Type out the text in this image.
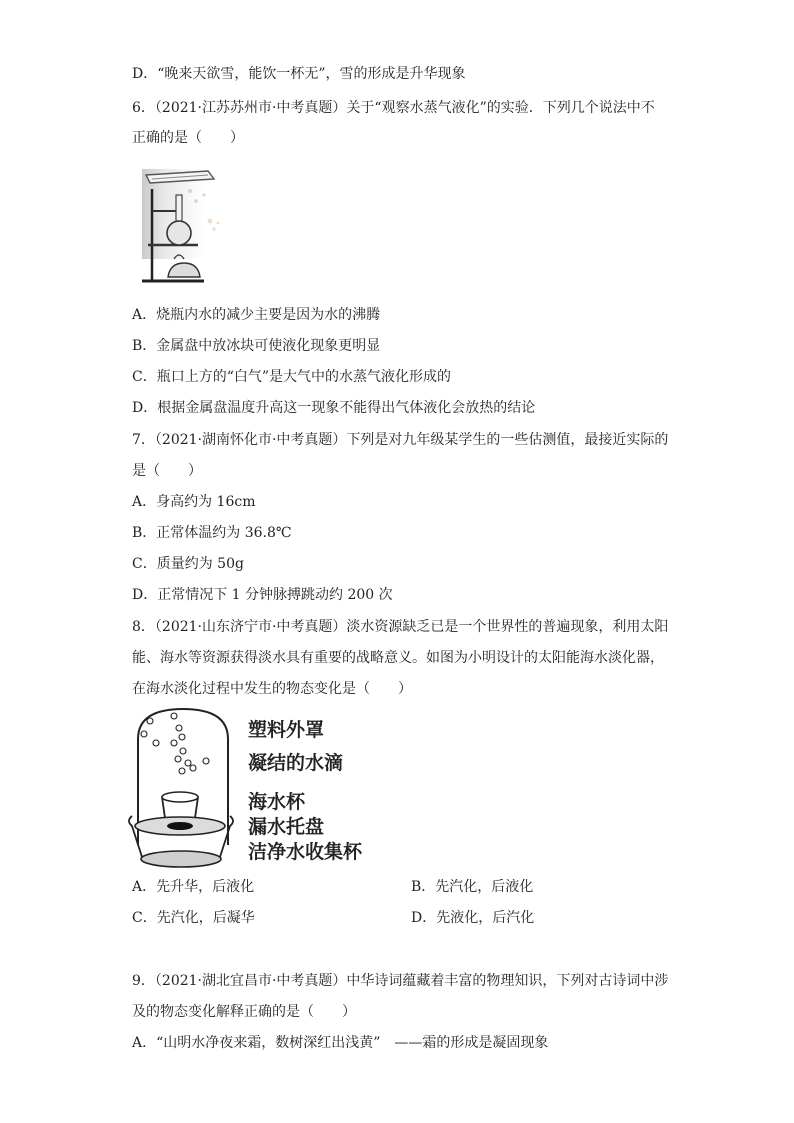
D．“晚来天欲雪，能饮一杯无”，雪的形成是升华现象
6．（2021·江苏苏州市·中考真题）关于“观察水蒸气液化”的实验．下列几个说法中不
正确的是（　　）
A．烧瓶内水的减少主要是因为水的沸腾
B．金属盘中放冰块可使液化现象更明显
C．瓶口上方的“白气”是大气中的水蒸气液化形成的
D．根据金属盘温度升高这一现象不能得出气体液化会放热的结论
7．（2021·湖南怀化市·中考真题）下列是对九年级某学生的一些估测值，最接近实际的
是（　　）
A．身高约为 16cm
B．正常体温约为 36.8℃
C．质量约为 50g
D．正常情况下 1 分钟脉搏跳动约 200 次
8．（2021·山东济宁市·中考真题）淡水资源缺乏已是一个世界性的普遍现象，利用太阳
能、海水等资源获得淡水具有重要的战略意义。如图为小明设计的太阳能海水淡化器，
在海水淡化过程中发生的物态变化是（　　）
塑料外罩
凝结的水滴
海水杯
漏水托盘
洁净水收集杯
A．先升华，后液化	B．先汽化，后液化
C．先汽化，后凝华	D．先液化，后汽化
9．（2021·湖北宜昌市·中考真题）中华诗词蕴藏着丰富的物理知识，下列对古诗词中涉
及的物态变化解释正确的是（　　）
A．“山明水净夜来霜，数树深红出浅黄”　——霜的形成是凝固现象
